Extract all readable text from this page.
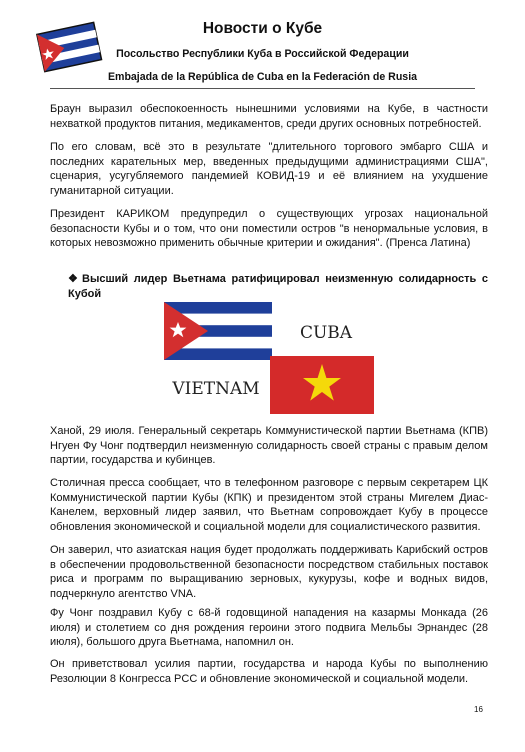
Новости о Кубе
Посольство Республики Куба в Российской Федерации
Embajada de la República de Cuba en la Federación de Rusia

Браун выразил обеспокоенность нынешними условиями на Кубе, в частности нехваткой продуктов питания, медикаментов, среди других основных потребностей.

По его словам, всё это в результате "длительного торгового эмбарго США и последних карательных мер, введенных предыдущими администрациями США", сценария, усугубляемого пандемией КОВИД-19 и её влиянием на ухудшение гуманитарной ситуации.

Президент КАРИКОМ предупредил о существующих угрозах национальной безопасности Кубы и о том, что они поместили остров "в ненормальные условия, в которых невозможно применить обычные критерии и ожидания". (Пренса Латина)

❖ Высший лидер Вьетнама ратифицировал неизменную солидарность с Кубой
CUBA
VIETNAM

Ханой, 29 июля. Генеральный секретарь Коммунистической партии Вьетнама (КПВ) Нгуен Фу Чонг подтвердил неизменную солидарность своей страны с правым делом партии, государства и кубинцев.

Столичная пресса сообщает, что в телефонном разговоре с первым секретарем ЦК Коммунистической партии Кубы (КПК) и президентом этой страны Мигелем Диас-Канелем, верховный лидер заявил, что Вьетнам сопровождает Кубу в процессе обновления экономической и социальной модели для социалистического развития.

Он заверил, что азиатская нация будет продолжать поддерживать Карибский остров в обеспечении продовольственной безопасности посредством стабильных поставок риса и программ по выращиванию зерновых, кукурузы, кофе и водных видов, подчеркнуло агентство VNA.

Фу Чонг поздравил Кубу с 68-й годовщиной нападения на казармы Монкада (26 июля) и столетием со дня рождения героини этого подвига Мельбы Эрнандес (28 июля), большого друга Вьетнама, напомнил он.

Он приветствовал усилия партии, государства и народа Кубы по выполнению Резолюции 8 Конгресса PCC и обновление экономической и социальной модели.

16
